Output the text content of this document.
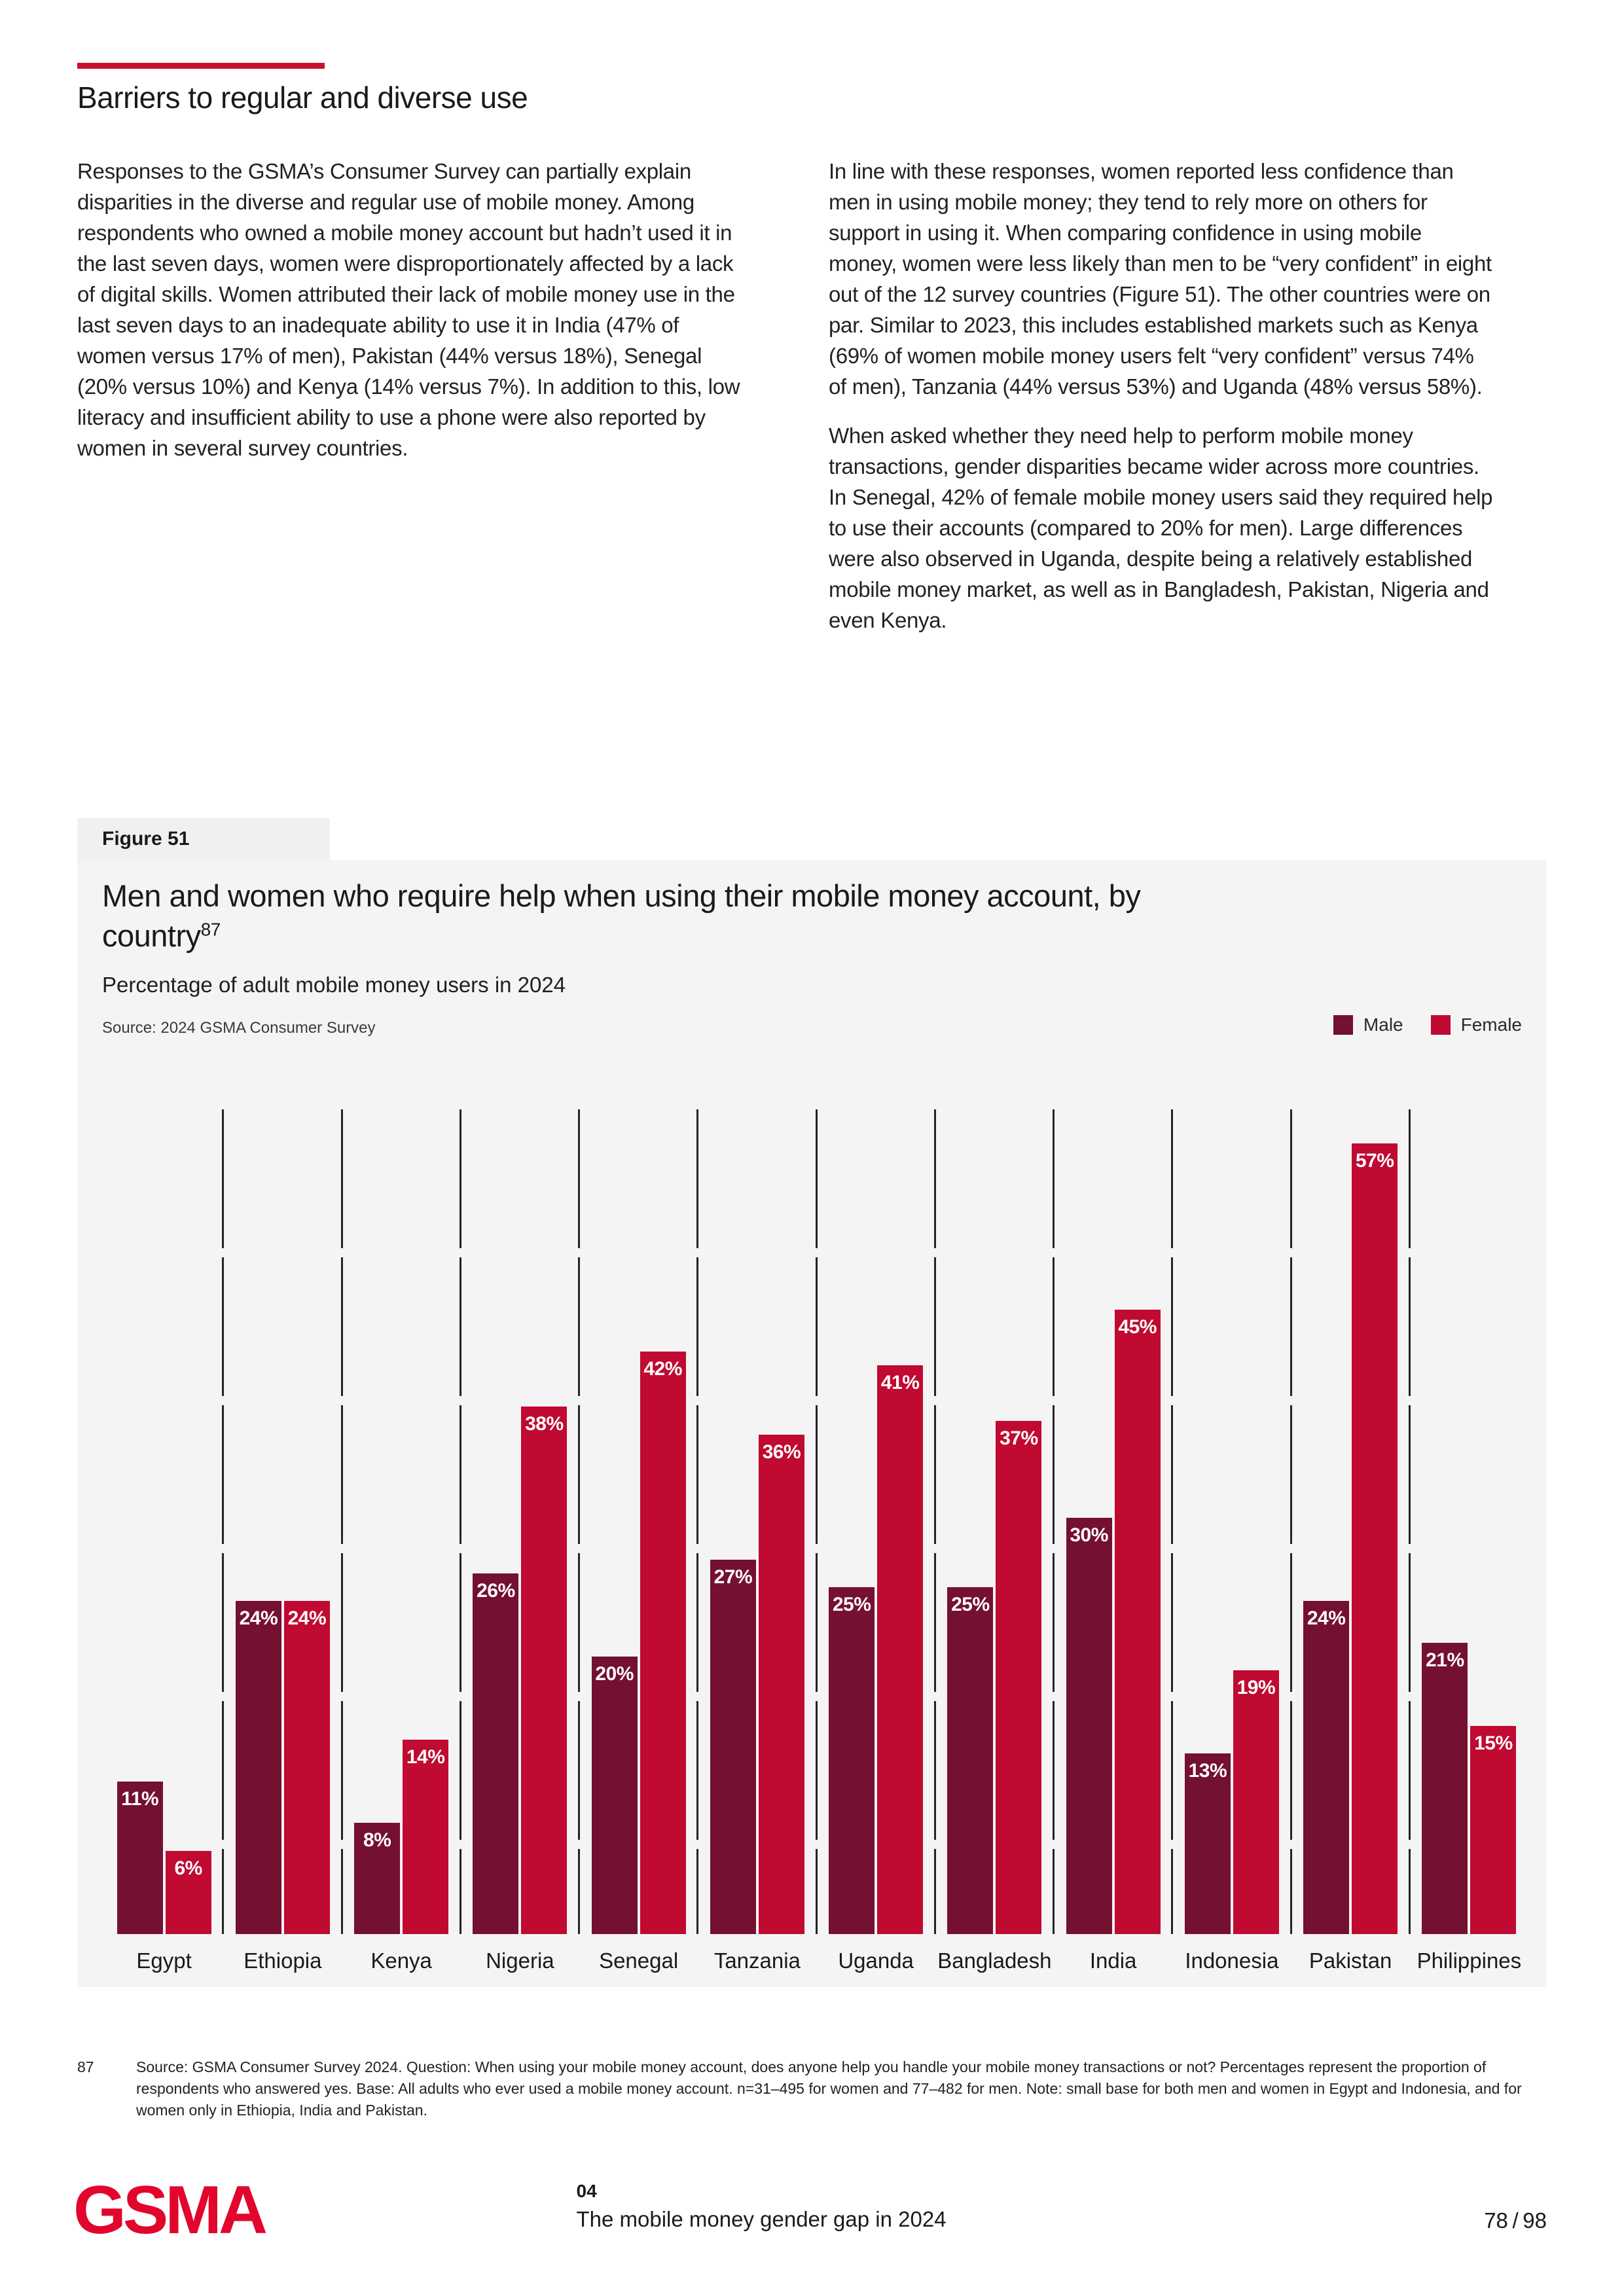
Barriers to regular and diverse use

Responses to the GSMA’s Consumer Survey can partially explain disparities in the diverse and regular use of mobile money. Among respondents who owned a mobile money account but hadn’t used it in the last seven days, women were disproportionately affected by a lack of digital skills. Women attributed their lack of mobile money use in the last seven days to an inadequate ability to use it in India (47% of women versus 17% of men), Pakistan (44% versus 18%), Senegal (20% versus 10%) and Kenya (14% versus 7%). In addition to this, low literacy and insufficient ability to use a phone were also reported by women in several survey countries.

In line with these responses, women reported less confidence than men in using mobile money; they tend to rely more on others for support in using it. When comparing confidence in using mobile money, women were less likely than men to be “very confident” in eight out of the 12 survey countries (Figure 51). The other countries were on par. Similar to 2023, this includes established markets such as Kenya (69% of women mobile money users felt “very confident” versus 74% of men), Tanzania (44% versus 53%) and Uganda (48% versus 58%).

When asked whether they need help to perform mobile money transactions, gender disparities became wider across more countries. In Senegal, 42% of female mobile money users said they required help to use their accounts (compared to 20% for men). Large differences were also observed in Uganda, despite being a relatively established mobile money market, as well as in Bangladesh, Pakistan, Nigeria and even Kenya.

Figure 51
Men and women who require help when using their mobile money account, by country$^{87}$
Percentage of adult mobile money users in 2024
Source: 2024 GSMA Consumer Survey	Male	Female
11%
6%
Egypt
24% 24%
Ethiopia
8%
14%
Kenya
26%
38%
Nigeria
20%
42%
Senegal
27%
36%
Tanzania
25%
41%
Uganda
25%
37%
Bangladesh
30%
45%
India
13%
19%
Indonesia
24%
57%
Pakistan
21%
15%
Philippines
87	Source: GSMA Consumer Survey 2024. Question: When using your mobile money account, does anyone help you handle your mobile money transactions or not? Percentages represent the proportion of respondents who answered yes. Base: All adults who ever used a mobile money account. n=31–495 for women and 77–482 for men. Note: small base for both men and women in Egypt and Indonesia, and for women only in Ethiopia, India and Pakistan.
GSMA	04
The mobile money gender gap in 2024	78 / 98
